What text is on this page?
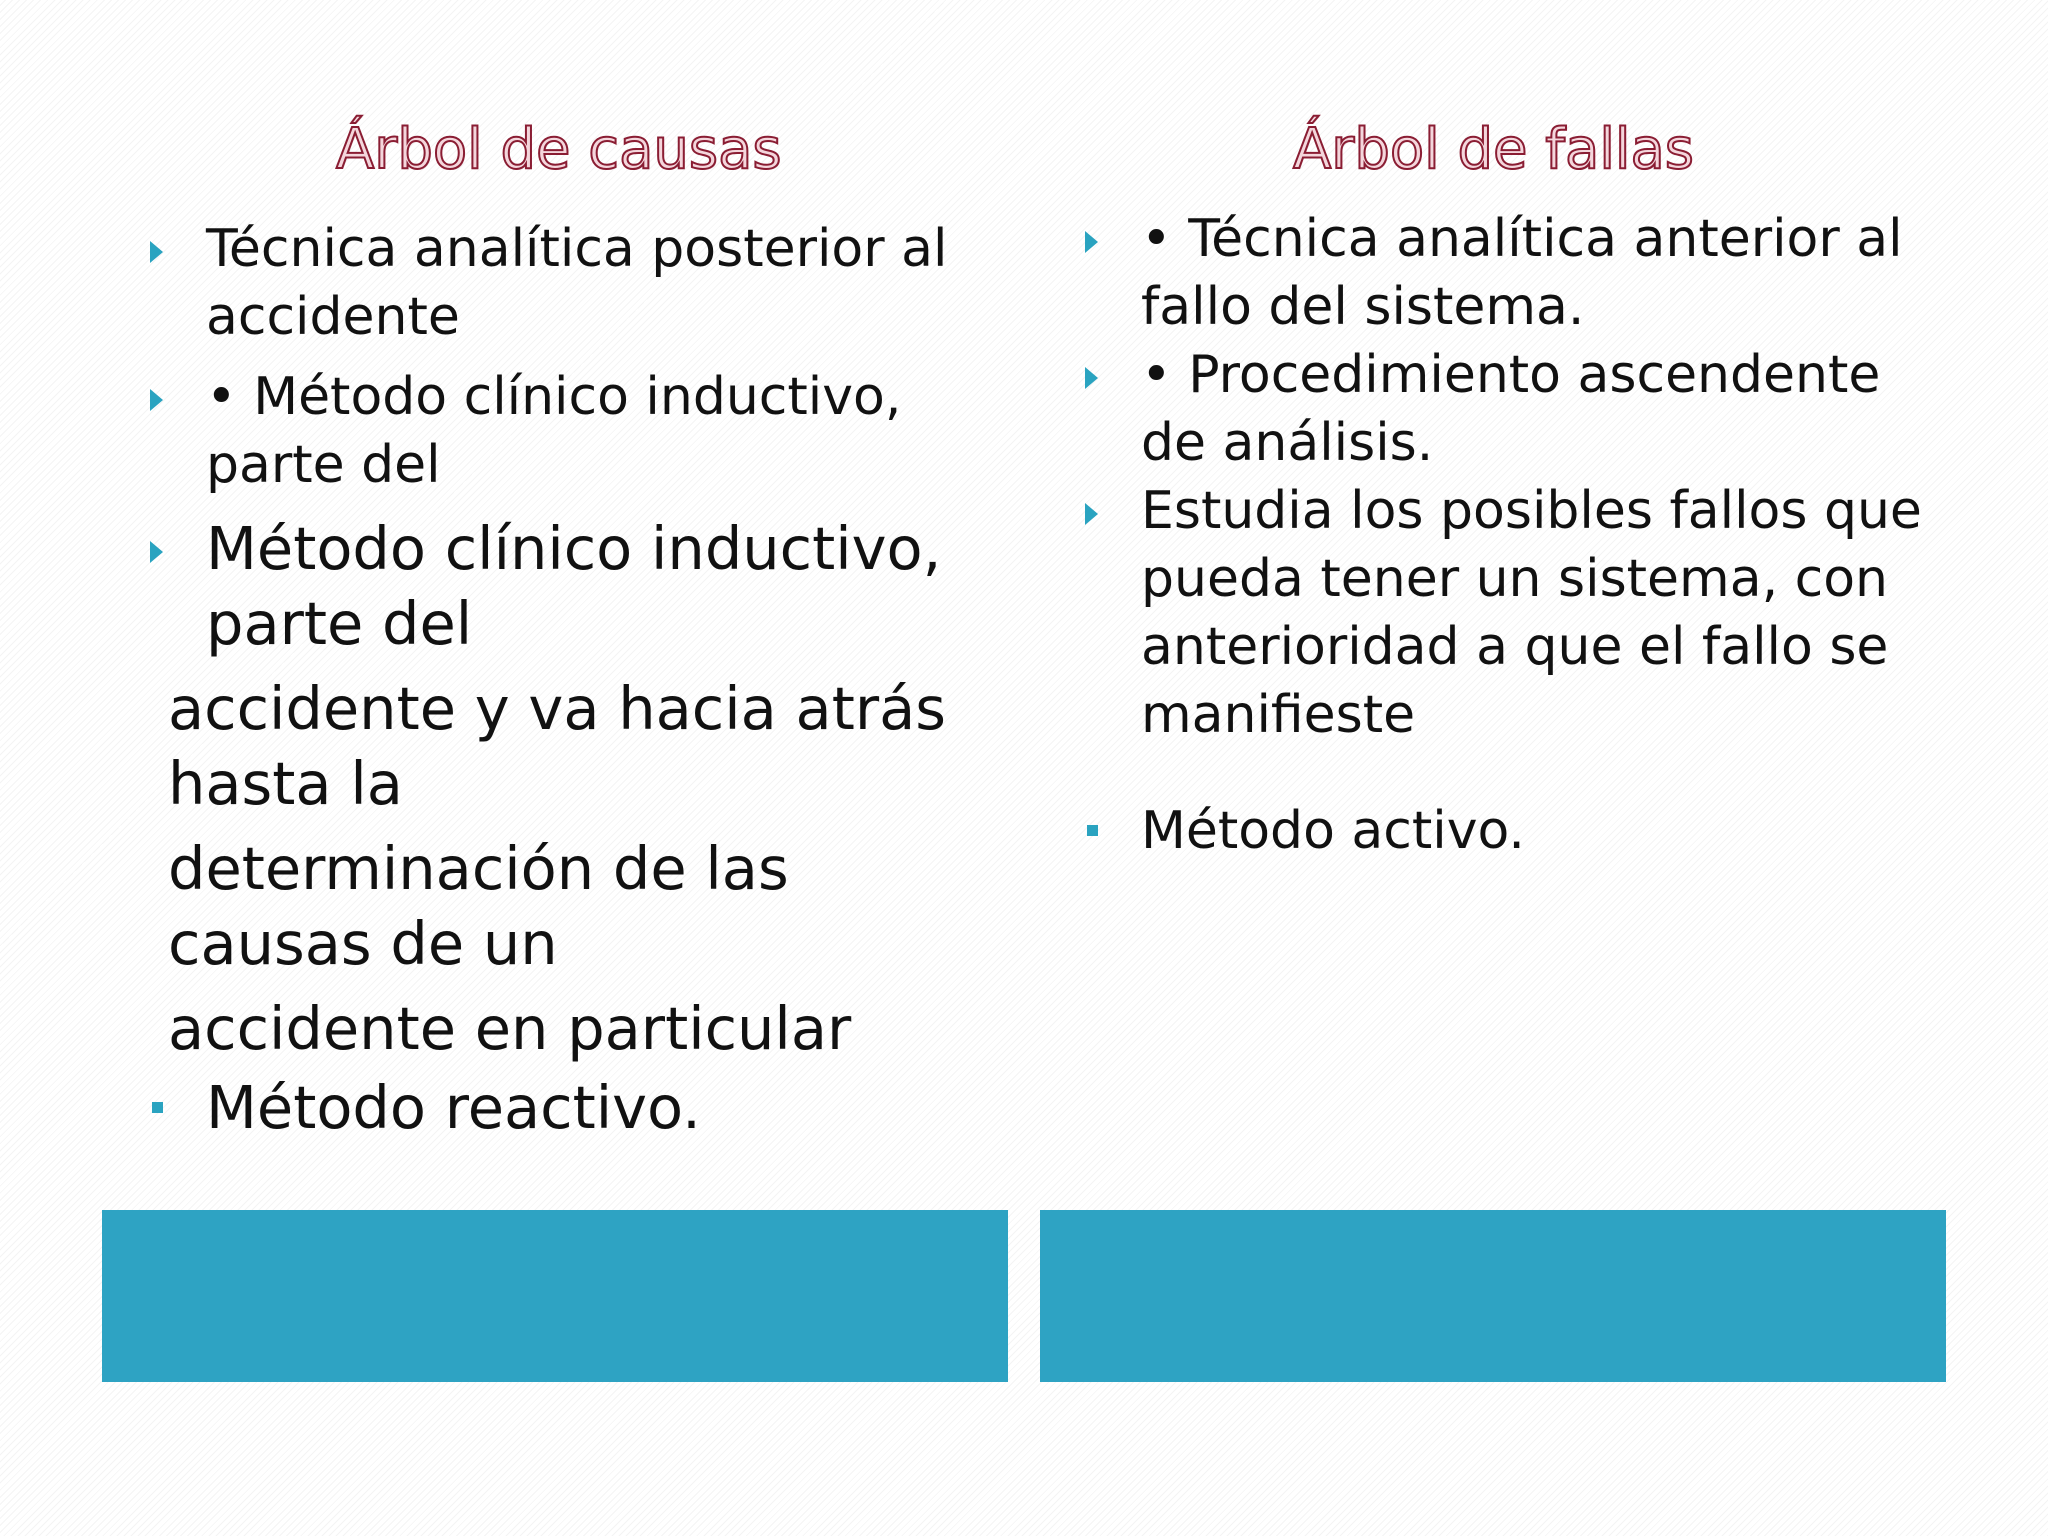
Árbol de causas	Árbol de fallas
Técnica analítica posterior al accidente
• Método clínico inductivo, parte del
Método clínico inductivo, parte del
accidente y va hacia atrás hasta la
determinación de las causas de un
accidente en particular
Método reactivo.
• Técnica analítica anterior al fallo del sistema.
• Procedimiento ascendente de análisis.
Estudia los posibles fallos que pueda tener un sistema, con anterioridad a que el fallo se manifieste
Método activo.
